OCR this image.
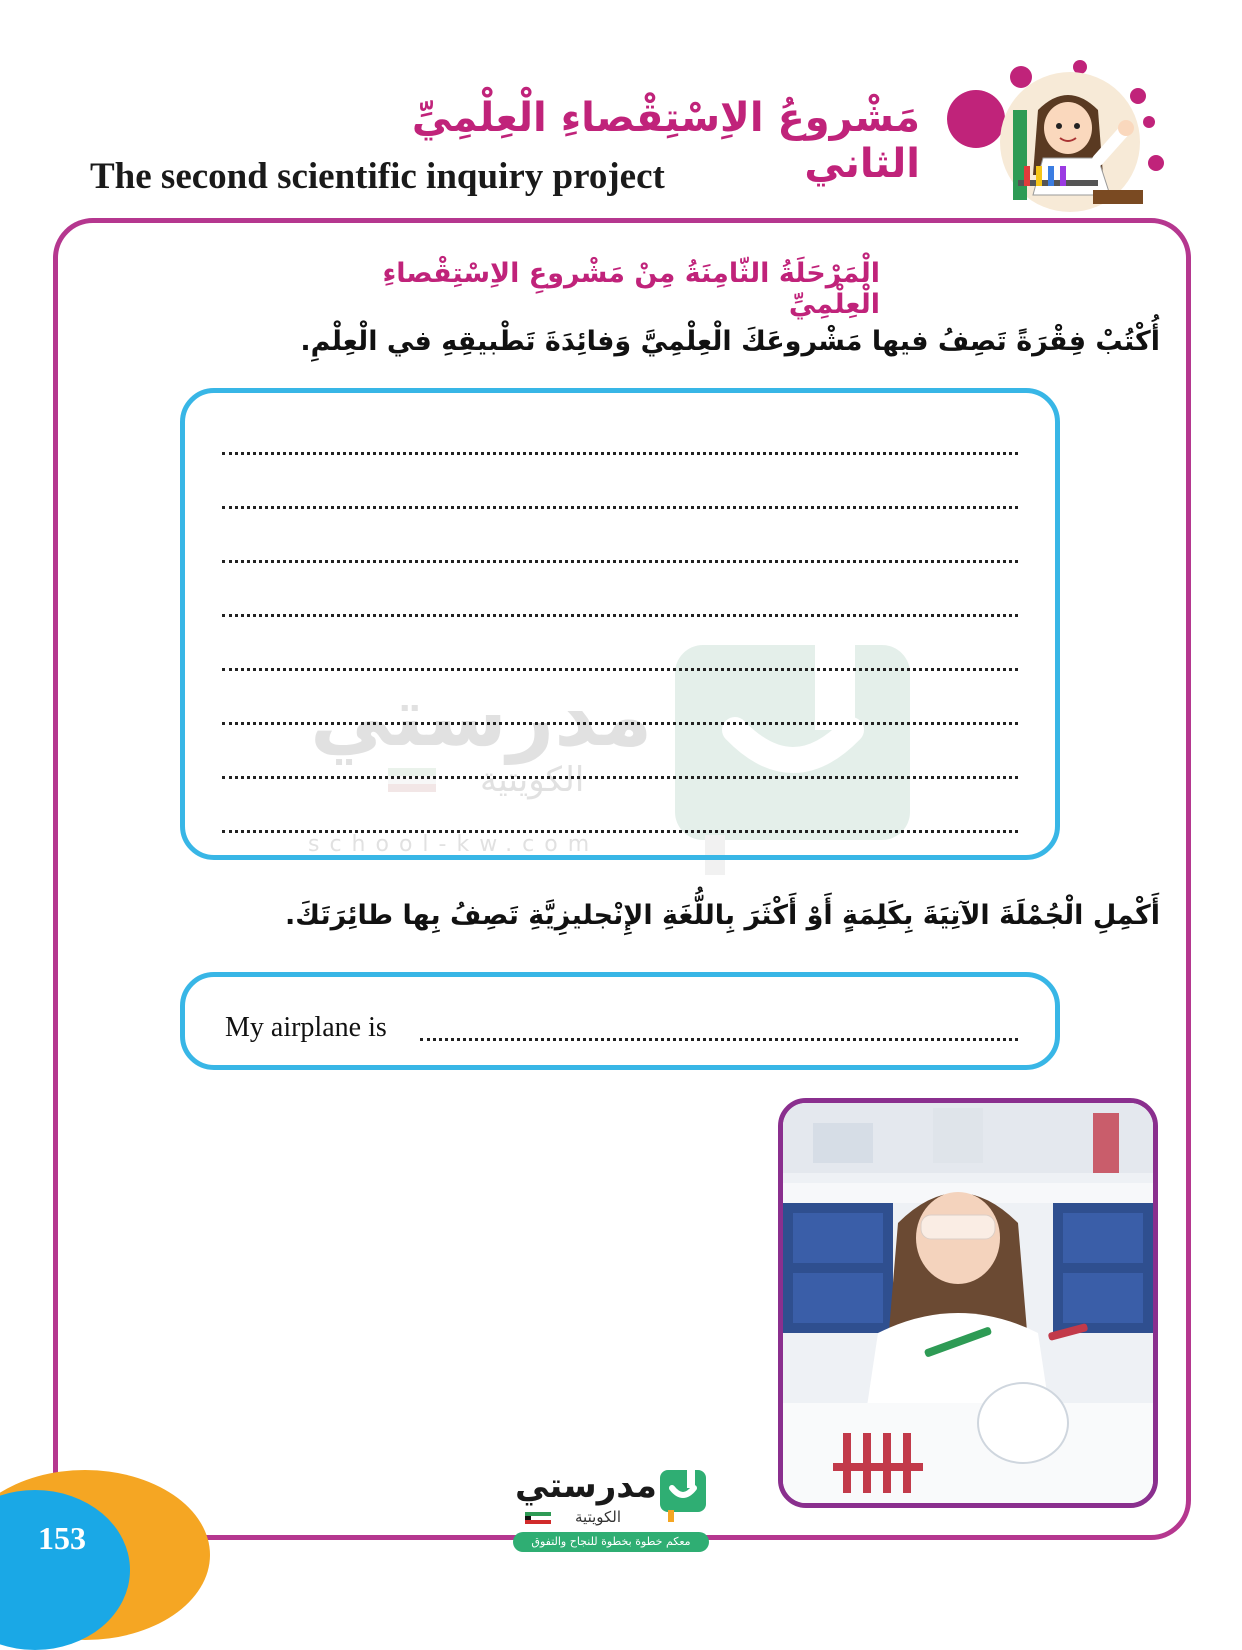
مَشْروعُ الاِسْتِقْصاءِ الْعِلْمِيِّ الثاني
The second scientific inquiry project
مدرستي
الكويتية
school-kw.com
الْمَرْحَلَةُ الثّامِنَةُ مِنْ مَشْروعِ الاِسْتِقْصاءِ الْعِلْمِيِّ
أُكْتُبْ فِقْرَةً تَصِفُ فيها مَشْروعَكَ الْعِلْمِيَّ وَفائِدَةَ تَطْبيقِهِ في الْعِلْمِ.
أَكْمِلِ الْجُمْلَةَ الآتِيَةَ بِكَلِمَةٍ أَوْ أَكْثَرَ بِاللُّغَةِ الإِنْجليزِيَّةِ تَصِفُ بِها طائِرَتَكَ.
My airplane is
153
مدرستي
الكويتية
معكم خطوة بخطوة للنجاح والتفوق
